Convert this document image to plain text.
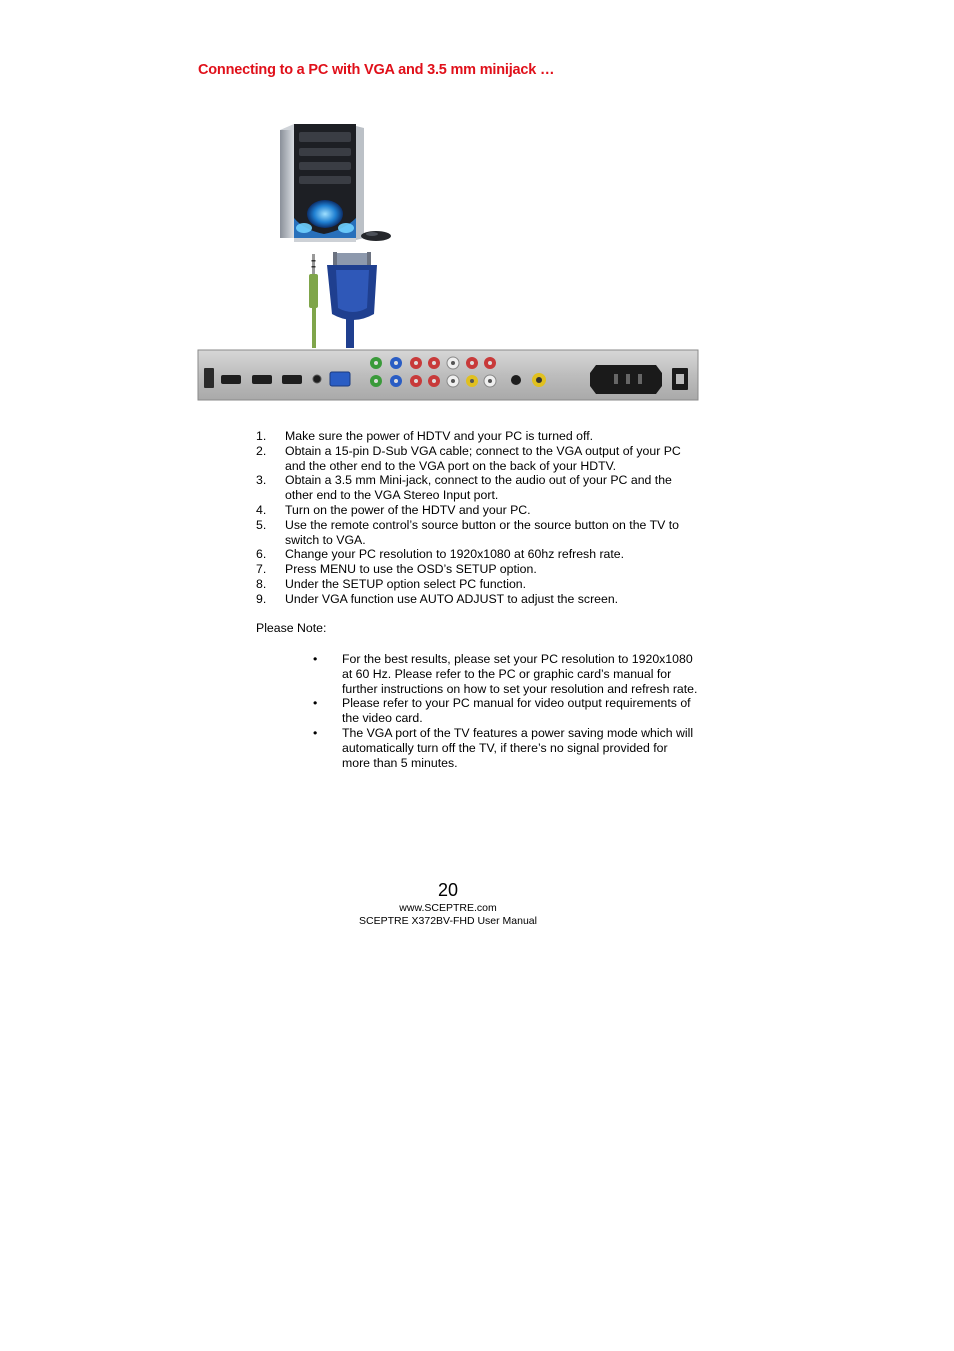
Connecting to a PC with VGA and 3.5 mm minijack …
1. Make sure the power of HDTV and your PC is turned off.
2. Obtain a 15-pin D-Sub VGA cable; connect to the VGA output of your PC and the other end to the VGA port on the back of your HDTV.
3. Obtain a 3.5 mm Mini-jack, connect to the audio out of your PC and the other end to the VGA Stereo Input port.
4. Turn on the power of the HDTV and your PC.
5. Use the remote control’s source button or the source button on the TV to switch to VGA.
6. Change your PC resolution to 1920x1080 at 60hz refresh rate.
7. Press MENU to use the OSD’s SETUP option.
8. Under the SETUP option select PC function.
9. Under VGA function use AUTO ADJUST to adjust the screen.
Please Note:
• For the best results, please set your PC resolution to 1920x1080 at 60 Hz. Please refer to the PC or graphic card’s manual for further instructions on how to set your resolution and refresh rate.
• Please refer to your PC manual for video output requirements of the video card.
• The VGA port of the TV features a power saving mode which will automatically turn off the TV, if there’s no signal provided for more than 5 minutes.
20
www.SCEPTRE.com
SCEPTRE X372BV-FHD User Manual
